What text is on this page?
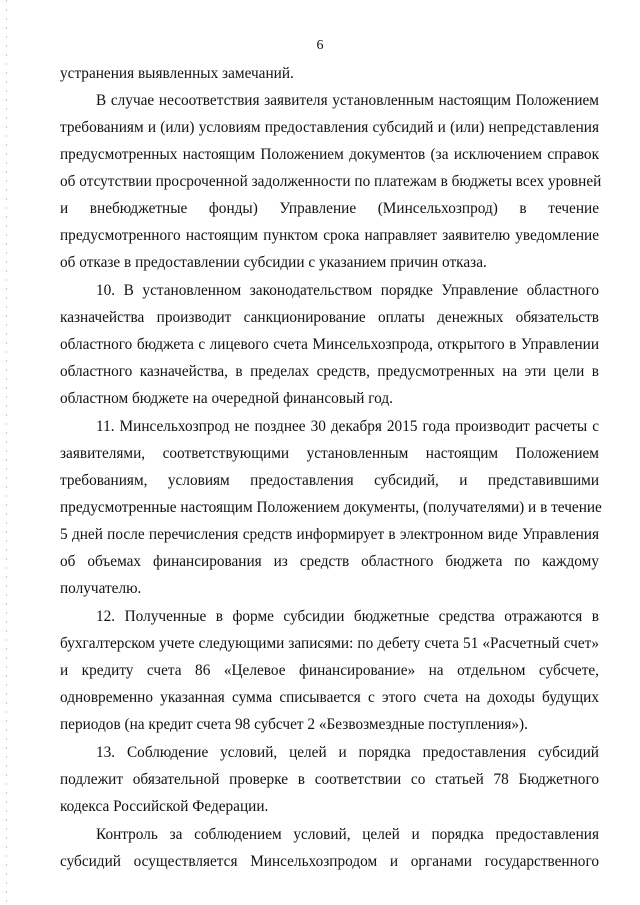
6
устранения выявленных замечаний.
В случае несоответствия заявителя установленным настоящим Положением
требованиям и (или) условиям предоставления субсидий и (или) непредставления
предусмотренных настоящим Положением документов (за исключением справок
об отсутствии просроченной задолженности по платежам в бюджеты всех уровней
и внебюджетные фонды) Управление (Минсельхозпрод) в течение
предусмотренного настоящим пунктом срока направляет заявителю уведомление
об отказе в предоставлении субсидии с указанием причин отказа.
10. В установленном законодательством порядке Управление областного
казначейства производит санкционирование оплаты денежных обязательств
областного бюджета с лицевого счета Минсельхозпрода, открытого в Управлении
областного казначейства, в пределах средств, предусмотренных на эти цели в
областном бюджете на очередной финансовый год.
11. Минсельхозпрод не позднее 30 декабря 2015 года производит расчеты с
заявителями, соответствующими установленным настоящим Положением
требованиям, условиям предоставления субсидий, и представившими
предусмотренные настоящим Положением документы, (получателями) и в течение
5 дней после перечисления средств информирует в электронном виде Управления
об объемах финансирования из средств областного бюджета по каждому
получателю.
12. Полученные в форме субсидии бюджетные средства отражаются в
бухгалтерском учете следующими записями: по дебету счета 51 «Расчетный счет»
и кредиту счета 86 «Целевое финансирование» на отдельном субсчете,
одновременно указанная сумма списывается с этого счета на доходы будущих
периодов (на кредит счета 98 субсчет 2 «Безвозмездные поступления»).
13. Соблюдение условий, целей и порядка предоставления субсидий
подлежит обязательной проверке в соответствии со статьей 78 Бюджетного
кодекса Российской Федерации.
Контроль за соблюдением условий, целей и порядка предоставления
субсидий осуществляется Минсельхозпродом и органами государственного
